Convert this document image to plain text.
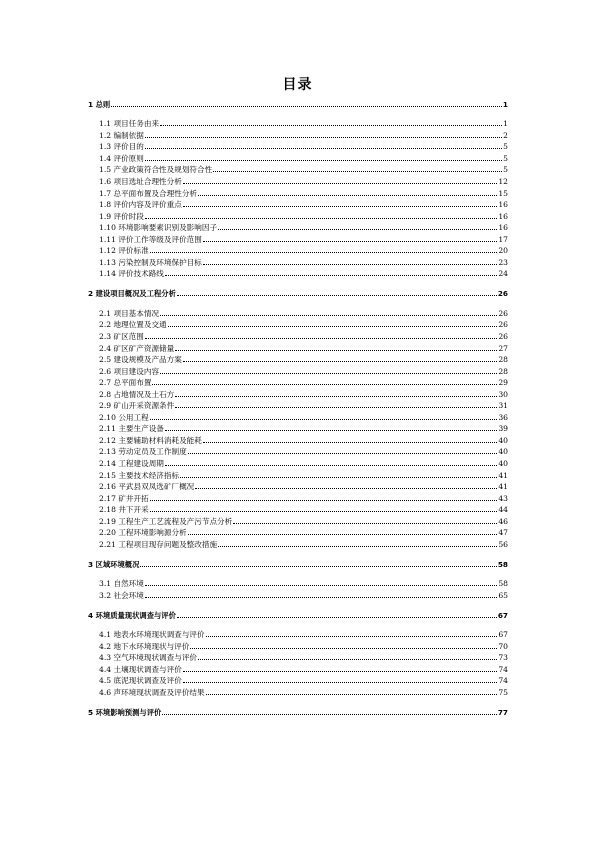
目录
1 总则	1
1.1 项目任务由来	1
1.2 编制依据	2
1.3 评价目的	5
1.4 评价原则	5
1.5 产业政策符合性及规划符合性	5
1.6 项目选址合理性分析	12
1.7 总平面布置及合理性分析	15
1.8 评价内容及评价重点	16
1.9 评价时段	16
1.10 环境影响要素识别及影响因子	16
1.11 评价工作等级及评价范围	17
1.12 评价标准	20
1.13 污染控制及环境保护目标	23
1.14 评价技术路线	24
2 建设项目概况及工程分析	26
2.1 项目基本情况	26
2.2 地理位置及交通	26
2.3 矿区范围	26
2.4 矿区矿产资源储量	27
2.5 建设规模及产品方案	28
2.6 项目建设内容	28
2.7 总平面布置	29
2.8 占地情况及土石方	30
2.9 矿山开采资源条件	31
2.10 公用工程	36
2.11 主要生产设备	39
2.12 主要辅助材料消耗及能耗	40
2.13 劳动定员及工作制度	40
2.14 工程建设周期	40
2.15 主要技术经济指标	41
2.16 平武县双凤选矿厂概况	41
2.17 矿井开拓	43
2.18 井下开采	44
2.19 工程生产工艺流程及产污节点分析	46
2.20 工程环境影响源分析	47
2.21 工程项目现存问题及整改措施	56
3 区域环境概况	58
3.1 自然环境	58
3.2 社会环境	65
4 环境质量现状调查与评价	67
4.1 地表水环境现状调查与评价	67
4.2 地下水环境现状与评价	70
4.3 空气环境现状调查与评价	73
4.4 土壤现状调查与评价	74
4.5 底泥现状调查及评价	74
4.6 声环境现状调查及评价结果	75
5 环境影响预测与评价	77
